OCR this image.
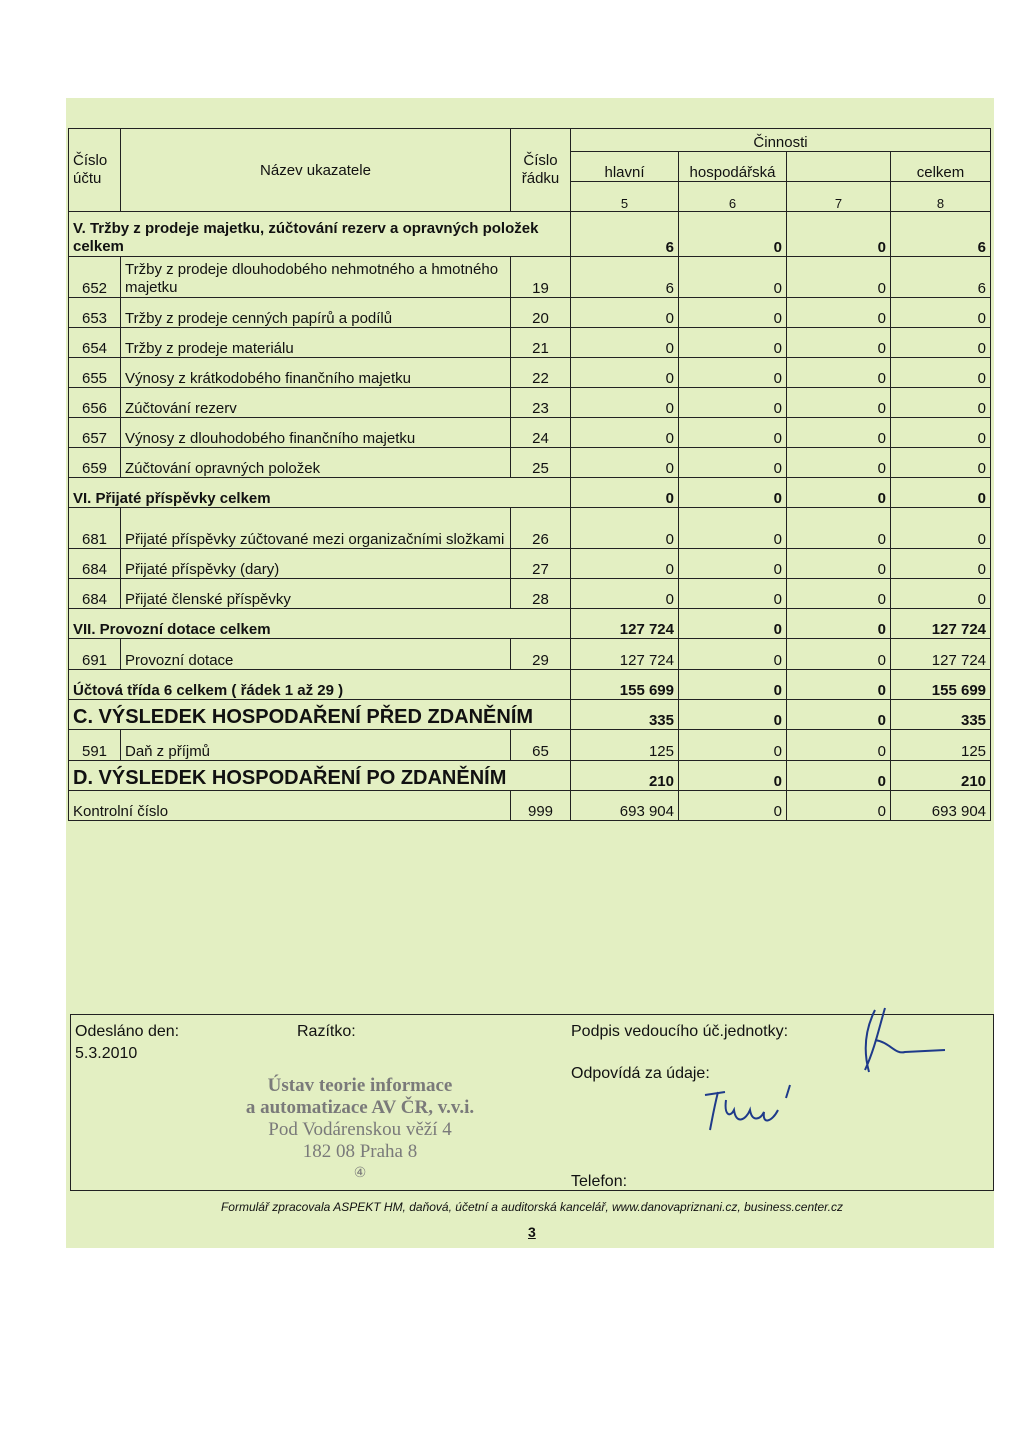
Číslo účtu	Název ukazatele	Číslo řádku	Činnosti			
			hlavní	hospodářská		celkem
			5	6	7	8
V. Tržby z prodeje majetku, zúčtování rezerv a opravných položek celkem			6	0	0	6
652	Tržby z prodeje dlouhodobého nehmotného a hmotného majetku	19	6	0	0	6
653	Tržby z prodeje cenných papírů a podílů	20	0	0	0	0
654	Tržby z prodeje materiálu	21	0	0	0	0
655	Výnosy z krátkodobého finančního majetku	22	0	0	0	0
656	Zúčtování rezerv	23	0	0	0	0
657	Výnosy z dlouhodobého finančního majetku	24	0	0	0	0
659	Zúčtování opravných položek	25	0	0	0	0
VI. Přijaté příspěvky celkem			0	0	0	0
681	Přijaté příspěvky zúčtované mezi organizačními složkami	26	0	0	0	0
684	Přijaté příspěvky (dary)	27	0	0	0	0
684	Přijaté členské příspěvky	28	0	0	0	0
VII. Provozní dotace celkem			127 724	0	0	127 724
691	Provozní dotace	29	127 724	0	0	127 724
Účtová třída 6 celkem ( řádek 1 až 29 )			155 699	0	0	155 699
C. VÝSLEDEK HOSPODAŘENÍ PŘED ZDANĚNÍM			335	0	0	335
591	Daň z příjmů	65	125	0	0	125
D. VÝSLEDEK HOSPODAŘENÍ PO ZDANĚNÍM			210	0	0	210
Kontrolní číslo		999	693 904	0	0	693 904
Odesláno den:
5.3.2010
Razítko:	Podpis vedoucího úč.jednotky:
Odpovídá za údaje:
Telefon:
Ústav teorie informace
a automatizace AV ČR, v.v.i.
Pod Vodárenskou věží 4
182 08 Praha 8
④
Formulář zpracovala ASPEKT HM, daňová, účetní a auditorská kancelář, www.danovapriznani.cz, business.center.cz
3
